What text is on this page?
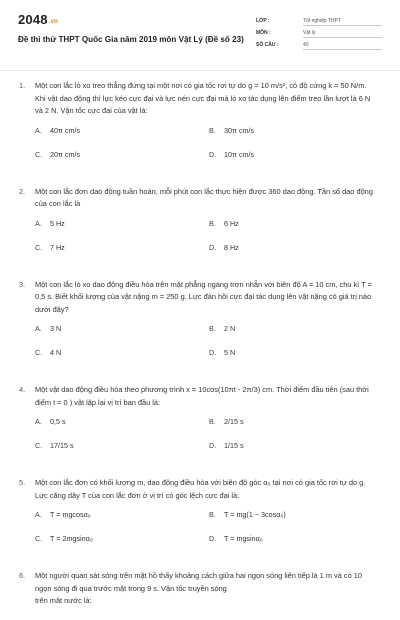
2048.vn
Đề thi thử THPT Quốc Gia năm 2019 môn Vật Lý (Đề số 23)
LỚP :	Tốt nghiệp THPT
MÔN :	Vật lý
SỐ CÂU :	40
1 . Một con lắc lò xo treo thẳng đứng tại một nơi có gia tốc rơi tự do g = 10 m/s², có độ cứng k = 50 N/m. Khi vật dao động thì lực kéo cực đại và lực nén cực đại mà lò xo tác dụng lên điểm treo lần lượt là 6 N và 2 N. Vận tốc cực đại của vật là:
A . 40π cm/s	B . 30π cm/s
C . 20π cm/s	D . 10π cm/s
2 . Một con lắc đơn dao động tuần hoàn, mỗi phút con lắc thực hiện được 360 dao động. Tần số dao động của con lắc là
A . 5 Hz	B . 6 Hz
C . 7 Hz	D . 8 Hz
3 . Một con lắc lò xo dao động điều hòa trên mặt phẳng ngang trơn nhẵn với biên độ A = 10 cm, chu kì T = 0,5 s. Biết khối lượng của vật nặng m = 250 g. Lực đàn hồi cực đại tác dụng lên vật nặng có giá trị nào dưới đây?
A . 3 N	B . 2 N
C . 4 N	D . 5 N
4 . Một vật dao động điều hòa theo phương trình x = 10cos(10πt - 2π/3) cm. Thời điểm đầu tiên (sau thời điểm t = 0 ) vật lặp lại vị trí ban đầu là:
A . 0,5 s	B . 2/15 s
C . 17/15 s	D . 1/15 s
5 . Một con lắc đơn có khối lượng m, dao động điều hòa với biên độ góc α₀ tại nơi có gia tốc rơi tự do g. Lực căng dây T của con lắc đơn ở vị trí có góc lệch cực đại là:
A . T = mgcosα₀	B . T = mg(1 − 3cosα₀)
C . T = 2mgsinα₀	D . T = mgsinα₀
6 . Một người quan sát sóng trên mặt hồ thấy khoảng cách giữa hai ngọn sóng liên tiếp là 1 m và có 10 ngọn sóng đi qua trước mặt trong 9 s. Vận tốc truyền sóng
trên mặt nước là:
